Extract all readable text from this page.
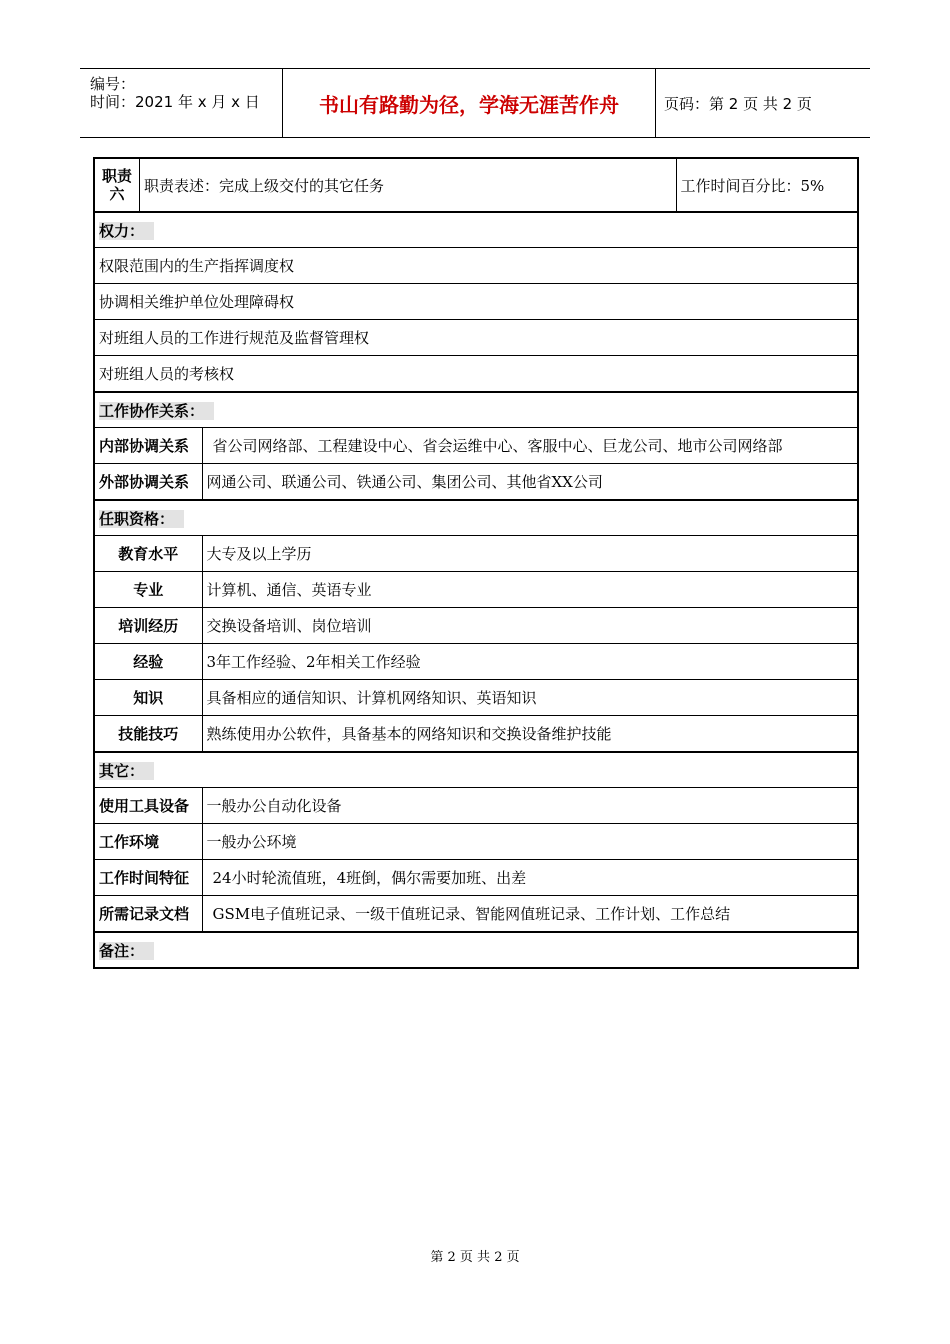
编号：
时间：2021 年 x 月 x 日	书山有路勤为径，学海无涯苦作舟	页码：第 2 页 共 2 页
职责六 职责表述：完成上级交付的其它任务		工作时间百分比：5%
权力：		
权限范围内的生产指挥调度权		
协调相关维护单位处理障碍权		
对班组人员的工作进行规范及监督管理权		
对班组人员的考核权		
工作协作关系：		
内部协调关系	省公司网络部、工程建设中心、省会运维中心、客服中心、巨龙公司、地市公司网络部	
外部协调关系	网通公司、联通公司、铁通公司、集团公司、其他省XX公司	
任职资格：		
教育水平	大专及以上学历	
专业	计算机、通信、英语专业	
培训经历	交换设备培训、岗位培训	
经验	3年工作经验、2年相关工作经验	
知识	具备相应的通信知识、计算机网络知识、英语知识	
技能技巧	熟练使用办公软件，具备基本的网络知识和交换设备维护技能	
其它：		
使用工具设备	一般办公自动化设备	
工作环境	一般办公环境	
工作时间特征	24小时轮流值班，4班倒，偶尔需要加班、出差	
所需记录文档	GSM电子值班记录、一级干值班记录、智能网值班记录、工作计划、工作总结	
备注：		
第 2 页 共 2 页
